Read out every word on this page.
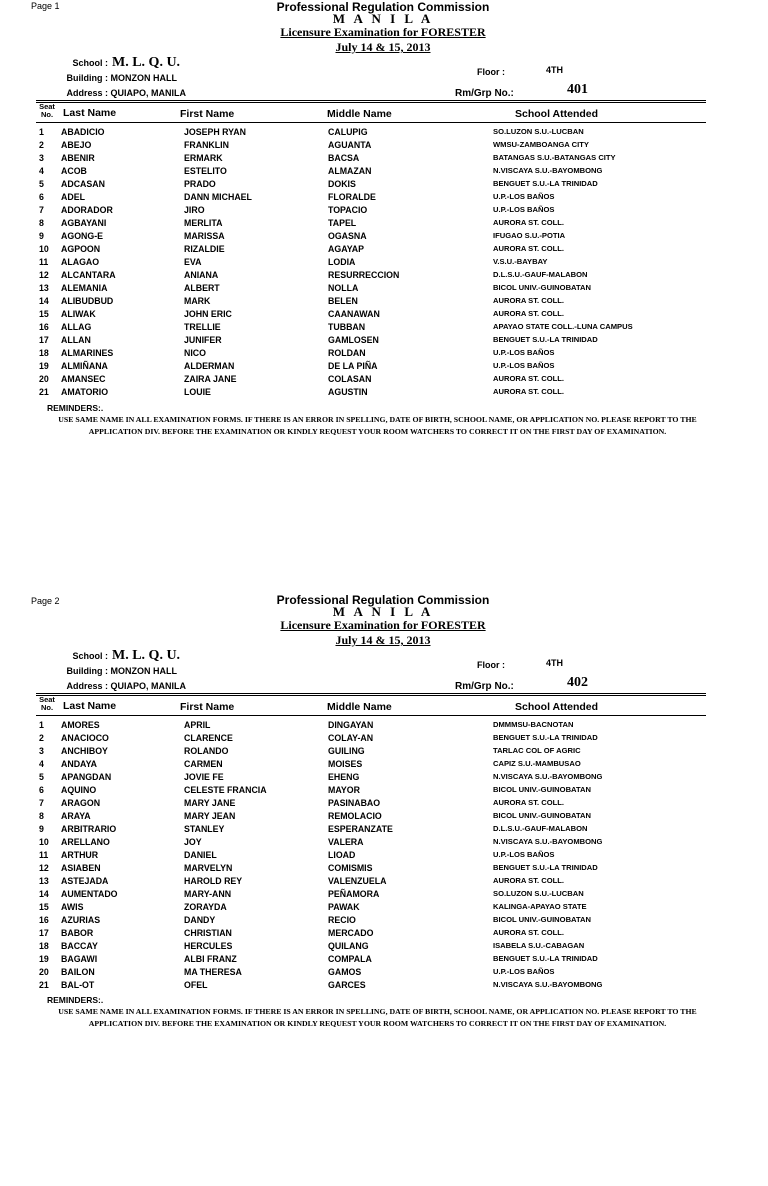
Page 1	Professional Regulation Commission
M A N I L A
Licensure Examination for FORESTER
July 14 & 15, 2013
School : M. L. Q. U.
Building : MONZON HALL
Address : QUIAPO, MANILA
Floor :	4TH
Rm/Grp No.:	401
Seat No. Last Name	First Name	Middle Name	School Attended
1 ABADICIO	JOSEPH RYAN	CALUPIG	SO.LUZON S.U.-LUCBAN
2 ABEJO	FRANKLIN	AGUANTA	WMSU-ZAMBOANGA CITY
3 ABENIR	ERMARK	BACSA	BATANGAS S.U.-BATANGAS CITY
4 ACOB	ESTELITO	ALMAZAN	N.VISCAYA S.U.-BAYOMBONG
5 ADCASAN	PRADO	DOKIS	BENGUET S.U.-LA TRINIDAD
6 ADEL	DANN MICHAEL	FLORALDE	U.P.-LOS BAÑOS
7 ADORADOR	JIRO	TOPACIO	U.P.-LOS BAÑOS
8 AGBAYANI	MERLITA	TAPEL	AURORA ST. COLL.
9 AGONG-E	MARISSA	OGASNA	IFUGAO S.U.-POTIA
10 AGPOON	RIZALDIE	AGAYAP	AURORA ST. COLL.
11 ALAGAO	EVA	LODIA	V.S.U.-BAYBAY
12 ALCANTARA	ANIANA	RESURRECCION	D.L.S.U.-GAUF-MALABON
13 ALEMANIA	ALBERT	NOLLA	BICOL UNIV.-GUINOBATAN
14 ALIBUDBUD	MARK	BELEN	AURORA ST. COLL.
15 ALIWAK	JOHN ERIC	CAANAWAN	AURORA ST. COLL.
16 ALLAG	TRELLIE	TUBBAN	APAYAO STATE COLL.-LUNA CAMPUS
17 ALLAN	JUNIFER	GAMLOSEN	BENGUET S.U.-LA TRINIDAD
18 ALMARINES	NICO	ROLDAN	U.P.-LOS BAÑOS
19 ALMIÑANA	ALDERMAN	DE LA PIÑA	U.P.-LOS BAÑOS
20 AMANSEC	ZAIRA JANE	COLASAN	AURORA ST. COLL.
21 AMATORIO	LOUIE	AGUSTIN	AURORA ST. COLL.
REMINDERS:.
USE SAME NAME IN ALL EXAMINATION FORMS. IF THERE IS AN ERROR IN SPELLING, DATE OF BIRTH, SCHOOL NAME, OR APPLICATION NO. PLEASE REPORT TO THE
APPLICATION DIV. BEFORE THE EXAMINATION OR KINDLY REQUEST YOUR ROOM WATCHERS TO CORRECT IT ON THE FIRST DAY OF EXAMINATION.
Page 2	Professional Regulation Commission
M A N I L A
Licensure Examination for FORESTER
July 14 & 15, 2013
School : M. L. Q. U.
Building : MONZON HALL
Address : QUIAPO, MANILA
Floor :	4TH
Rm/Grp No.:	402
Seat No. Last Name	First Name	Middle Name	School Attended
1 AMORES	APRIL	DINGAYAN	DMMMSU-BACNOTAN
2 ANACIOCO	CLARENCE	COLAY-AN	BENGUET S.U.-LA TRINIDAD
3 ANCHIBOY	ROLANDO	GUILING	TARLAC COL OF AGRIC
4 ANDAYA	CARMEN	MOISES	CAPIZ S.U.-MAMBUSAO
5 APANGDAN	JOVIE FE	EHENG	N.VISCAYA S.U.-BAYOMBONG
6 AQUINO	CELESTE FRANCIA	MAYOR	BICOL UNIV.-GUINOBATAN
7 ARAGON	MARY JANE	PASINABAO	AURORA ST. COLL.
8 ARAYA	MARY JEAN	REMOLACIO	BICOL UNIV.-GUINOBATAN
9 ARBITRARIO	STANLEY	ESPERANZATE	D.L.S.U.-GAUF-MALABON
10 ARELLANO	JOY	VALERA	N.VISCAYA S.U.-BAYOMBONG
11 ARTHUR	DANIEL	LIOAD	U.P.-LOS BAÑOS
12 ASIABEN	MARVELYN	COMISMIS	BENGUET S.U.-LA TRINIDAD
13 ASTEJADA	HAROLD REY	VALENZUELA	AURORA ST. COLL.
14 AUMENTADO	MARY-ANN	PEÑAMORA	SO.LUZON S.U.-LUCBAN
15 AWIS	ZORAYDA	PAWAK	KALINGA-APAYAO STATE
16 AZURIAS	DANDY	RECIO	BICOL UNIV.-GUINOBATAN
17 BABOR	CHRISTIAN	MERCADO	AURORA ST. COLL.
18 BACCAY	HERCULES	QUILANG	ISABELA S.U.-CABAGAN
19 BAGAWI	ALBI FRANZ	COMPALA	BENGUET S.U.-LA TRINIDAD
20 BAILON	MA THERESA	GAMOS	U.P.-LOS BAÑOS
21 BAL-OT	OFEL	GARCES	N.VISCAYA S.U.-BAYOMBONG
REMINDERS:.
USE SAME NAME IN ALL EXAMINATION FORMS. IF THERE IS AN ERROR IN SPELLING, DATE OF BIRTH, SCHOOL NAME, OR APPLICATION NO. PLEASE REPORT TO THE
APPLICATION DIV. BEFORE THE EXAMINATION OR KINDLY REQUEST YOUR ROOM WATCHERS TO CORRECT IT ON THE FIRST DAY OF EXAMINATION.
